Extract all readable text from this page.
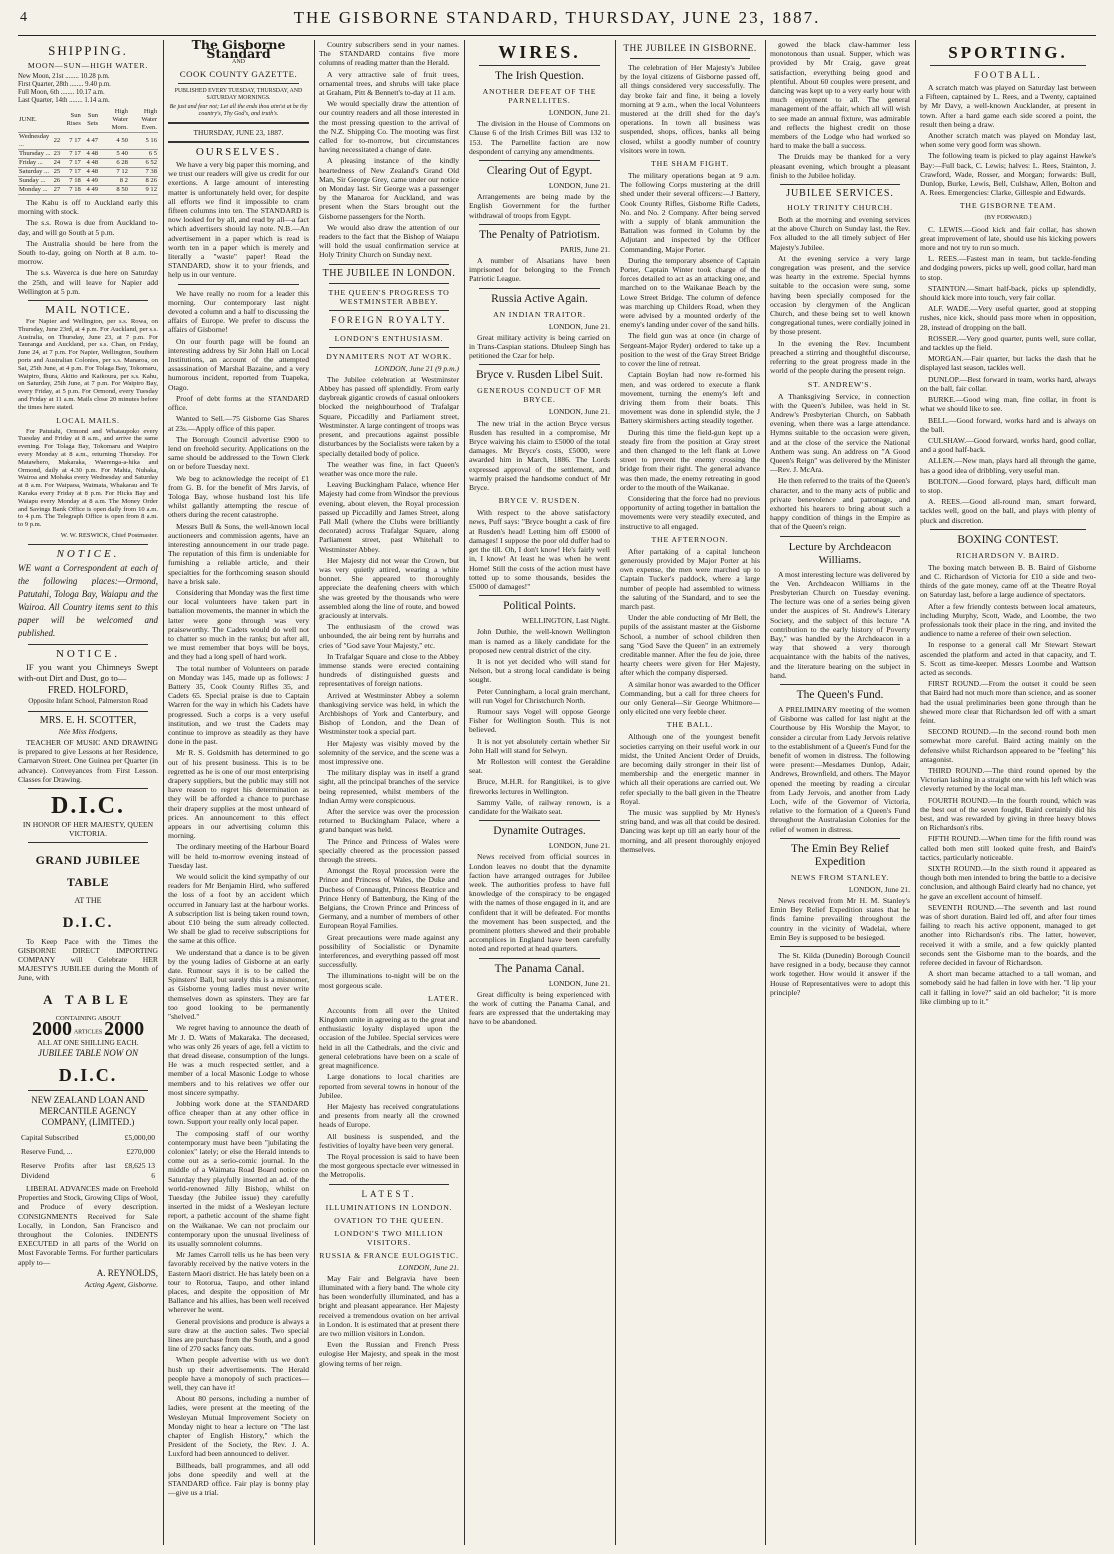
4	THE GISBORNE STANDARD, THURSDAY, JUNE 23, 1887.
SHIPPING.
MOON—SUN—HIGH WATER.
New Moon, 21st ........ 10.28 p.m.
First Quarter, 28th ........ 9.40 p.m.
Full Moon, 6th ........ 10.17 a.m.
Last Quarter, 14th ........ 1.14 a.m.
JUNE.		Sun Rises	Sun Sets	High Water Morn.	High Water Even.
Wednesday ...	22	7 17	4 47	4 50	5 16
Thursday ...	23	7 17	4 48	5 40	6 5
Friday ...	24	7 17	4 48	6 28	6 52
Saturday ...	25	7 17	4 48	7 12	7 38
Sunday ...	26	7 18	4 49	8 2	8 26
Monday ...	27	7 18	4 49	8 50	9 12

The Kahu is off to Auckland early this morning with stock.

The s.s. Rowa is due from Auckland to-day, and will go South at 5 p.m.

The Australia should be here from the South to-day, going on North at 8 a.m. to-morrow.

The s.s. Waverca is due here on Saturday the 25th, and will leave for Napier add Wellington at 5 p.m.

MAIL NOTICE.

For Napier and Wellington, per s.s. Rowa, on Thursday, June 23rd, at 4 p.m. For Auckland, per s.s. Australia, on Thursday, June 23, at 7 p.m. For Tauranga and Auckland, per s.s. Chan, on Friday, June 24, at 7 p.m. For Napier, Wellington, Southern ports and Australian Colonies, per s.s. Manaroa, on Sat, 25th June, at 4 p.m. For Tolaga Bay, Tokomaru, Waipiro, Ihura, Akitio and Kaikoura, per s.s. Kahu, on Saturday, 25th June, at 7 p.m. For Waipiro Bay, every Friday, at 5 p.m. For Ormond, every Tuesday and Friday at 11 a.m. Mails close 20 minutes before the times here stated.

LOCAL MAILS.

For Patutahi, Ormond and Whataupoko every Tuesday and Friday at 8 a.m., and arrive the same evening. For Tolaga Bay, Tokomaru and Waipiro every Monday at 8 a.m., returning Thursday. For Matawhero, Makaraka, Waerenga-a-hika and Ormond, daily at 4.30 p.m. For Mahia, Nuhaka, Wairoa and Mohaka every Wednesday and Saturday at 8 a.m. For Waipaoa, Waimata, Whakarau and Te Karaka every Friday at 8 p.m. For Hicks Bay and Waiapu every Monday at 8 a.m. The Money Order and Savings Bank Office is open daily from 10 a.m. to 4 p.m. The Telegraph Office is open from 8 a.m. to 9 p.m.

W. W. RESWICK, Chief Postmaster.

NOTICE.

WE want a Correspondent at each of the following places:—Ormond, Patutahi, Tologa Bay, Waiapu and the Wairoa. All Country items sent to this paper will be welcomed and published.

NOTICE.

IF you want you Chimneys Swept with-out Dirt and Dust, go to—

FRED. HOLFORD,

Opposite Infant School, Palmerston Road

MRS. E. H. SCOTTER,

Née Miss Hodgens,

TEACHER OF MUSIC AND DRAWING is prepared to give Lessons at her Residence, Carnarvon Street. One Guinea per Quarter (in advance). Conveyances from First Lesson. Classes for Drawing.

D.I.C.

IN HONOR OF HER MAJESTY, QUEEN VICTORIA.

GRAND JUBILEE TABLE

AT THE

D.I.C.

To Keep Pace with the Times the GISBORNE DIRECT IMPORTING COMPANY will Celebrate HER MAJESTY'S JUBILEE during the Month of June, with

A TABLE

CONTAINING ABOUT

2000 ARTICLES 2000

ALL AT ONE SHILLING EACH.

JUBILEE TABLE NOW ON

D.I.C.

NEW ZEALAND LOAN AND MERCANTILE AGENCY COMPANY, (LIMITED.)

Capital Subscribed	£5,000,00
Reserve Fund, ...	£270,000
Reserve Profits after last Dividend	£8,625 13 6

LIBERAL ADVANCES made on Freehold Properties and Stock, Growing Clips of Wool, and Produce of every description. CONSIGNMENTS Received for Sale Locally, in London, San Francisco and throughout the Colonies. INDENTS EXECUTED in all parts of the World on Most Favorable Terms. For further particulars apply to—

A. REYNOLDS,

Acting Agent, Gisborne.

The Gisborne Standard

AND

COOK COUNTY GAZETTE.

PUBLISHED EVERY TUESDAY, THURSDAY, AND SATURDAY MORNINGS.

Be just and fear not; Let all the ends thou aim'st at be thy country's, Thy God's, and truth's.

THURSDAY, JUNE 23, 1887.

OURSELVES.

We have a very big paper this morning, and we trust our readers will give us credit for our exertions. A large amount of interesting matter is unfortunately held over, for despite all efforts we find it impossible to cram fifteen columns into ten. The STANDARD is now looked for by all, and read by all—a fact which advertisers should lay note. N.B.—An advertisement in a paper which is read is worth ten in a paper which is merely and literally a "waste" paper! Read the STANDARD, show it to your friends, and help us in our venture.

We have really no room for a leader this morning. Our contemporary last night devoted a column and a half to discussing the affairs of Europe. We prefer to discuss the affairs of Gisborne!

On our fourth page will be found an interesting address by Sir John Hall on Local Institutions, an account of the attempted assassination of Marshal Bazaine, and a very humorous incident, reported from Tuapeka, Otago.

Proof of debt forms at the STANDARD office.

Wanted to Sell.—75 Gisborne Gas Shares at 23s.—Apply office of this paper.

The Borough Council advertise £900 to lend on freehold security. Applications on the same should be addressed to the Town Clerk on or before Tuesday next.

We beg to acknowledge the receipt of £1 from G. B. for the benefit of Mrs Jarvis, of Tologa Bay, whose husband lost his life whilst gallantly attempting the rescue of others during the recent catastrophe.

Messrs Bull & Sons, the well-known local auctioneers and commission agents, have an interesting announcement in our trade page. The reputation of this firm is undeniable for furnishing a reliable article, and their specialties for the forthcoming season should have a brisk sale.

Considering that Monday was the first time our local volunteers have taken part in battalion movements, the manner in which the latter were gone through was very praiseworthy. The Cadets would do well not to chatter so much in the ranks; but after all, we must remember that boys will be boys, and they had a long spell of hard work.

The total number of Volunteers on parade on Monday was 145, made up as follows: J Battery 35, Cook County Rifles 35, and Cadets 65. Special praise is due to Captain Warren for the way in which his Cadets have progressed. Such a corps is a very useful institution, and we trust the Cadets may continue to improve as steadily as they have done in the past.

Mr R. S. Goldsmith has determined to go out of his present business. This is to be regretted as he is one of our most enterprising drapery suppliers, but the public may still not have reason to regret his determination as they will be afforded a chance to purchase their drapery supplies at the most unheard of prices. An announcement to this effect appears in our advertising column this morning.

The ordinary meeting of the Harbour Board will be held to-morrow evening instead of Tuesday last.

We would solicit the kind sympathy of our readers for Mr Benjamin Hird, who suffered the loss of a foot by an accident which occurred in January last at the harbour works. A subscription list is being taken round town, about £10 being the sum already collected. We shall be glad to receive subscriptions for the same at this office.

We understand that a dance is to be given by the young ladies of Gisborne at an early date. Rumour says it is to be called the Spinsters' Ball, but surely this is a misnomer, as Gisborne young ladies must never write themselves down as spinsters. They are far too good looking to be permanently "shelved."

We regret having to announce the death of Mr J. D. Watts of Makaraka. The deceased, who was only 26 years of age, fell a victim to that dread disease, consumption of the lungs. He was a much respected settler, and a member of a local Masonic Lodge to whose members and to his relatives we offer our most sincere sympathy.

Jobbing work done at the STANDARD office cheaper than at any other office in town. Support your really only local paper.

The composing staff of our worthy contemporary must have been "jubilating the coloniex" lately; or else the Herald intends to come out as a serio-comic journal. In the middle of a Waimata Road Board notice on Saturday they playfully inserted an ad. of the world-renowned Jilly Bishop, whilst on Tuesday (the Jubilee issue) they carefully inserted in the midst of a Wesleyan lecture report, a pathetic account of the shame fight on the Waikanae. We can not proclaim our contemporary upon the unusual liveliness of its usually somnolent columns.

Mr James Carroll tells us he has been very favorably received by the native voters in the Eastern Maori district. He has lately been on a tour to Rotorua, Taupo, and other inland places, and despite the opposition of Mr Ballance and his allies, has been well received wherever he went.

General provisions and produce is always a sure draw at the auction sales. Two special lines are purchase from the South, and a good line of 270 sacks fancy oats.

When people advertise with us we don't hush up their advertisements. The Herald people have a monopoly of such practices—well, they can have it!

About 80 persons, including a number of ladies, were present at the meeting of the Wesleyan Mutual Improvement Society on Monday night to hear a lecture on "The last chapter of English History," which the President of the Society, the Rev. J. A. Luxford had been announced to deliver.

Billheads, ball programmes, and all odd jobs done speedily and well at the STANDARD office. Fair play is bonny play—give us a trial.

Country subscribers send in your names. The STANDARD contains five more columns of reading matter than the Herald.

A very attractive sale of fruit trees, ornamental trees, and shrubs will take place at Graham, Pitt & Bennett's to-day at 11 a.m.

We would specially draw the attention of our country readers and all those interested in the most pressing question to the arrival of the N.Z. Shipping Co. The mooting was first called for to-morrow, but circumstances having necessitated a change of date.

A pleasing instance of the kindly heartedness of New Zealand's Grand Old Man, Sir George Grey, came under our notice on Monday last. Sir George was a passenger by the Manaroa for Auckland, and was present when the Stars brought out the Gisborne passengers for the North.

We would also draw the attention of our readers to the fact that the Bishop of Waiapu will hold the usual confirmation service at Holy Trinity Church on Sunday next.

THE JUBILEE IN LONDON.
THE QUEEN'S PROGRESS TO WESTMINSTER ABBEY.
FOREIGN ROYALTY.
LONDON'S ENTHUSIASM.
DYNAMITERS NOT AT WORK.

LONDON, June 21 (9 p.m.)

The Jubilee celebration at Westminster Abbey has passed off splendidly. From early daybreak gigantic crowds of casual onlookers blocked the neighbourhood of Trafalgar Square, Piccadilly and Parliament street, Westminster. A large contingent of troops was present, and precautions against possible disturbances by the Socialists were taken by a specially detailed body of police.

The weather was fine, in fact Queen's weather was once more the rule.

Leaving Buckingham Palace, whence Her Majesty had come from Windsor the previous evening, about eleven, the Royal procession passed up Piccadilly and James Street, along Pall Mall (where the Clubs were brilliantly decorated) across Trafalgar Square, along Parliament street, past Whitehall to Westminster Abbey.

Her Majesty did not wear the Crown, but was very quietly attired, wearing a white bonnet. She appeared to thoroughly appreciate the deafening cheers with which she was greeted by the thousands who were assembled along the line of route, and bowed graciously at intervals.

The enthusiasm of the crowd was unbounded, the air being rent by hurrahs and cries of "God save Your Majesty," etc.

In Trafalgar Square and close to the Abbey immense stands were erected containing hundreds of distinguished guests and representatives of foreign nations.

Arrived at Westminster Abbey a solemn thanksgiving service was held, in which the Archbishops of York and Canterbury, and Bishop of London, and the Dean of Westminster took a special part.

Her Majesty was visibly moved by the solemnity of the service, and the scene was a most impressive one.

The military display was in itself a grand sight, all the principal branches of the service being represented, whilst members of the Indian Army were conspicuous.

After the service was over the procession returned to Buckingham Palace, where a grand banquet was held.

The Prince and Princess of Wales were specially cheered as the procession passed through the streets.

Amongst the Royal procession were the Prince and Princess of Wales, the Duke and Duchess of Connaught, Princess Beatrice and Prince Henry of Battenburg, the King of the Belgians, the Crown Prince and Princess of Germany, and a number of members of other European Royal Families.

Great precautions were made against any possibility of Socialistic or Dynamite interferences, and everything passed off most successfully.

The illuminations to-night will be on the most gorgeous scale.

LATER.

Accounts from all over the United Kingdom unite in agreeing as to the great and enthusiastic loyalty displayed upon the occasion of the Jubilee. Special services were held in all the Cathedrals, and the civic and general celebrations have been on a scale of great magnificence.

Large donations to local charities are reported from several towns in honour of the Jubilee.

Her Majesty has received congratulations and presents from nearly all the crowned heads of Europe.

All business is suspended, and the festivities of loyalty have been very general.

The Royal procession is said to have been the most gorgeous spectacle ever witnessed in the Metropolis.

LATEST.
ILLUMINATIONS IN LONDON.
OVATION TO THE QUEEN.
LONDON'S TWO MILLION VISITORS.
RUSSIA & FRANCE EULOGISTIC.

LONDON, June 21.

May Fair and Belgravia have been illuminated with a fiery band. The whole city has been wonderfully illuminated, and has a bright and pleasant appearance. Her Majesty received a tremendous ovation on her arrival in London. It is estimated that at present there are two million visitors in London.

Even the Russian and French Press eulogise Her Majesty, and speak in the most glowing terms of her reign.

WIRES.
The Irish Question.
ANOTHER DEFEAT OF THE PARNELLITES.

LONDON, June 21.

The division in the House of Commons on Clause 6 of the Irish Crimes Bill was 132 to 153. The Parnellite faction are now despondent of carrying any amendments.

Clearing Out of Egypt.

LONDON, June 21.

Arrangements are being made by the English Government for the further withdrawal of troops from Egypt.

The Penalty of Patriotism.

PARIS, June 21.

A number of Alsatians have been imprisoned for belonging to the French Patriotic League.

Russia Active Again.
AN INDIAN TRAITOR.

LONDON, June 21.

Great military activity is being carried on in Trans-Caspian stations. Dhuleep Singh has petitioned the Czar for help.

Bryce v. Rusden Libel Suit.
GENEROUS CONDUCT OF MR BRYCE.

LONDON, June 21.

The new trial in the action Bryce versus Rusden has resulted in a compromise, Mr Bryce waiving his claim to £5000 of the total damages. Mr Bryce's costs, £5000, were awarded him in March, 1886. The Lords expressed approval of the settlement, and warmly praised the handsome conduct of Mr Bryce.

BRYCE V. RUSDEN.

With respect to the above satisfactory news, Puff says: "Bryce bought a cask of fire at Rusden's head! Letting him off £5000 of damages! I suppose the poor old duffer had to get the till. Oh, I don't know! He's fairly well in, I know! At least he was when he went Home! Still the costs of the action must have totted up to some thousands, besides the £5000 of damages!"

Political Points.

WELLINGTON, Last Night.

John Duthie, the well-known Wellington man is named as a likely candidate for the proposed new central district of the city.

It is not yet decided who will stand for Nelson, but a strong local candidate is being sought.

Peter Cunningham, a local grain merchant, will run Vogel for Christchurch North.

Rumour says Vogel will oppose George Fisher for Wellington South. This is not believed.

It is not yet absolutely certain whether Sir John Hall will stand for Selwyn.

Mr Rolleston will contest the Geraldine seat.

Bruce, M.H.R. for Rangitikei, is to give fireworks lectures in Wellington.

Sammy Valle, of railway renown, is a candidate for the Waikato seat.

Dynamite Outrages.

LONDON, June 21.

News received from official sources in London leaves no doubt that the dynamite faction have arranged outrages for Jubilee week. The authorities profess to have full knowledge of the conspiracy to be engaged with the names of those engaged in it, and are confident that it will be defeated. For months the movement has been suspected, and the prominent plotters shewed and their probable accomplices in England have been carefully noted and reported at head quarters.

The Panama Canal.

LONDON, June 21.

Great difficulty is being experienced with the work of cutting the Panama Canal, and fears are expressed that the undertaking may have to be abandoned.

THE JUBILEE IN GISBORNE.

The celebration of Her Majesty's Jubilee by the loyal citizens of Gisborne passed off, all things considered very successfully. The day broke fair and fine, it being a lovely morning at 9 a.m., when the local Volunteers mustered at the drill shed for the day's operations. In town all business was suspended, shops, offices, banks all being closed, whilst a goodly number of country visitors were in town.

THE SHAM FIGHT.

The military operations began at 9 a.m. The following Corps mustering at the drill shed under their several officers:—J Battery, Cook County Rifles, Gisborne Rifle Cadets, No. and No. 2 Company. After being served with a supply of blank ammunition the Battalion was formed in Column by the Adjutant and inspected by the Officer Commanding, Major Porter.

During the temporary absence of Captain Porter, Captain Winter took charge of the forces detailed to act as an attacking one, and marched on to the Waikanae Beach by the Lowe Street Bridge. The column of defence was marching up Childers Road, when they were advised by a mounted orderly of the enemy's landing under cover of the sand hills.

The field gun was at once (in charge of Sergeant-Major Ryder) ordered to take up a position to the west of the Gray Street Bridge to cover the line of retreat.

Captain Boylan had now re-formed his men, and was ordered to execute a flank movement, turning the enemy's left and driving them from their boats. This movement was done in splendid style, the J Battery skirmishers acting steadily together.

During this time the field-gun kept up a steady fire from the position at Gray street and then changed to the left flank at Lowe street to prevent the enemy crossing the bridge from their right. The general advance was then made, the enemy retreating in good order to the mouth of the Waikanae.

Considering that the force had no previous opportunity of acting together in battalion the movements were very steadily executed, and instructive to all engaged.

THE AFTERNOON.

After partaking of a capital luncheon generously provided by Major Porter at his own expense, the men were marched up to Captain Tucker's paddock, where a large number of people had assembled to witness the saluting of the Standard, and to see the march past.

Under the able conducting of Mr Bell, the pupils of the assistant master at the Gisborne School, a number of school children then sang "God Save the Queen" in an extremely creditable manner. After the feu de joie, three hearty cheers were given for Her Majesty, after which the company dispersed.

A similar honor was awarded to the Officer Commanding, but a call for three cheers for our only General—Sir George Whitmore—only elicited one very feeble cheer.

THE BALL.

Although one of the youngest benefit societies carrying on their useful work in our midst, the United Ancient Order of Druids, are becoming daily stronger in their list of membership and the energetic manner in which all their operations are carried out. We refer specially to the ball given in the Theatre Royal.

The music was supplied by Mr Hynes's string band, and was all that could be desired. Dancing was kept up till an early hour of the morning, and all present thoroughly enjoyed themselves.

gowed the black claw-hammer less monotonous than usual. Supper, which was provided by Mr Craig, gave great satisfaction, everything being good and plentiful. About 60 couples were present, and dancing was kept up to a very early hour with much enjoyment to all. The general management of the affair, which all will wish to see made an annual fixture, was admirable and reflects the highest credit on those members of the Lodge who had worked so hard to make the ball a success.

The Druids may be thanked for a very pleasant evening, which brought a pleasant finish to the Jubilee holiday.

JUBILEE SERVICES.
HOLY TRINITY CHURCH.

Both at the morning and evening services at the above Church on Sunday last, the Rev. Fox alluded to the all timely subject of Her Majesty's Jubilee.

At the evening service a very large congregation was present, and the service was hearty in the extreme. Special hymns suitable to the occasion were sung, some having been specially composed for the occasion by clergymen of the Anglican Church, and these being set to well known congregational tunes, were cordially joined in by those present.

In the evening the Rev. Incumbent preached a stirring and thoughtful discourse, referring to the great progress made in the world of the people during the present reign.

ST. ANDREW'S.

A Thanksgiving Service, in connection with the Queen's Jubilee, was held in St. Andrew's Presbyterian Church, on Sabbath evening, when there was a large attendance. Hymns suitable to the occasion were given, and at the close of the service the National Anthem was sung. An address on "A Good Queen's Reign" was delivered by the Minister—Rev. J. McAra.

He then referred to the traits of the Queen's character, and to the many acts of public and private benevolence and patronage, and exhorted his hearers to bring about such a happy condition of things in the Empire as that of the Queen's reign.

Lecture by Archdeacon Williams.

A most interesting lecture was delivered by the Ven. Archdeacon Williams in the Presbyterian Church on Tuesday evening. The lecture was one of a series being given under the auspices of St. Andrew's Literary Society, and the subject of this lecture "A contribution to the early history of Poverty Bay," was handled by the Archdeacon in a way that showed a very thorough acquaintance with the habits of the natives, and the literature bearing on the subject in hand.

The Queen's Fund.

A PRELIMINARY meeting of the women of Gisborne was called for last night at the Courthouse by His Worship the Mayor, to consider a circular from Lady Jervois relative to the establishment of a Queen's Fund for the benefit of women in distress. The following were present:—Mesdames Dunlop, Adair, Andrews, Brownfield, and others. The Mayor opened the meeting by reading a circular from Lady Jervois, and another from Lady Loch, wife of the Governor of Victoria, relative to the formation of a Queen's Fund throughout the Australasian Colonies for the relief of women in distress.

The Emin Bey Relief Expedition
NEWS FROM STANLEY.

LONDON, June 21.

News received from Mr H. M. Stanley's Emin Bey Relief Expedition states that he finds famine prevailing throughout the country in the vicinity of Wadelai, where Emin Bey is supposed to be besieged.

The St. Kilda (Dunedin) Borough Council have resigned in a body, because they cannot work together. How would it answer if the House of Representatives were to adopt this principle?

SPORTING.
FOOTBALL.

A scratch match was played on Saturday last between a Fifteen, captained by L. Rees, and a Twenty, captained by Mr Davy, a well-known Aucklander, at present in town. After a hard game each side scored a point, the result then being a draw.

Another scratch match was played on Monday last, when some very good form was shown.

The following team is picked to play against Hawke's Bay:—Full back, C. Lewis; halves: L. Rees, Stainton, J. Crawford, Wade, Rosser, and Morgan; forwards: Bull, Dunlop, Burke, Lewis, Bell, Culshaw, Allen, Bolton and A. Rees. Emergencies: Clarke, Gillespie and Edwards.

THE GISBORNE TEAM.

(BY FORWARD.)

C. LEWIS.—Good kick and fair collar, has shown great improvement of late, should use his kicking powers more and not try to run so much.

L. REES.—Fastest man in team, but tackle-fending and dodging powers, picks up well, good collar, hard man to stop.

STAINTON.—Smart half-back, picks up splendidly, should kick more into touch, very fair collar.

ALF. WADE.—Very useful quarter, good at stopping rushes, nice kick, should pass more when in opposition, 28, instead of dropping on the ball.

ROSSER.—Very good quarter, punts well, sure collar, and tackles up the field.

MORGAN.—Fair quarter, but lacks the dash that he displayed last season, tackles well.

DUNLOP.—Best forward in team, works hard, always on the ball, fair collar.

BURKE.—Good wing man, fine collar, in front is what we should like to see.

BELL.—Good forward, works hard and is always on the ball.

CULSHAW.—Good forward, works hard, good collar, and a good half-back.

ALLEN.—New man, plays hard all through the game, has a good idea of dribbling, very useful man.

BOLTON.—Good forward, plays hard, difficult man to stop.

A. REES.—Good all-round man, smart forward, tackles well, good on the ball, and plays with plenty of pluck and discretion.

BOXING CONTEST.
RICHARDSON V. BAIRD.

The boxing match between B. B. Baird of Gisborne and C. Richardson of Victoria for £10 a side and two-thirds of the gate money, came off at the Theatre Royal on Saturday last, before a large audience of spectators.

After a few friendly contests between local amateurs, including Murphy, Scott, Wade, and Loombe, the two professionals took their place in the ring, and invited the audience to name a referee of their own selection.

In response to a general call Mr Stewart Stewart ascended the platform and acted in that capacity, and T. S. Scott as time-keeper. Messrs Loombe and Wattson acted as seconds.

FIRST ROUND.—From the outset it could be seen that Baird had not much more than science, and as sooner had the usual preliminaries been gone through than he shewed more clear that Richardson led off with a smart feint.

SECOND ROUND.—In the second round both men somewhat more careful. Baird acting mainly on the defensive whilst Richardson appeared to be "feeling" his antagonist.

THIRD ROUND.—The third round opened by the Victorian lashing in a straight one with his left which was cleverly returned by the local man.

FOURTH ROUND.—In the fourth round, which was the best out of the seven fought, Baird certainly did his best, and was rewarded by giving in three heavy blows on Richardson's ribs.

FIFTH ROUND.—When time for the fifth round was called both men still looked quite fresh, and Baird's tactics, particularly noticeable.

SIXTH ROUND.—In the sixth round it appeared as though both men intended to bring the battle to a decisive conclusion, and although Baird clearly had no chance, yet he gave an excellent account of himself.

SEVENTH ROUND.—The seventh and last round was of short duration. Baird led off, and after four times failing to reach his active opponent, managed to get another into Richardson's ribs. The latter, however, received it with a smile, and a few quickly planted seconds sent the Gisborne man to the boards, and the referee decided in favour of Richardson.

A short man became attached to a tall woman, and somebody said he had fallen in love with her. "I lip your call it falling in love?" said an old bachelor; "it is more like climbing up to it."
